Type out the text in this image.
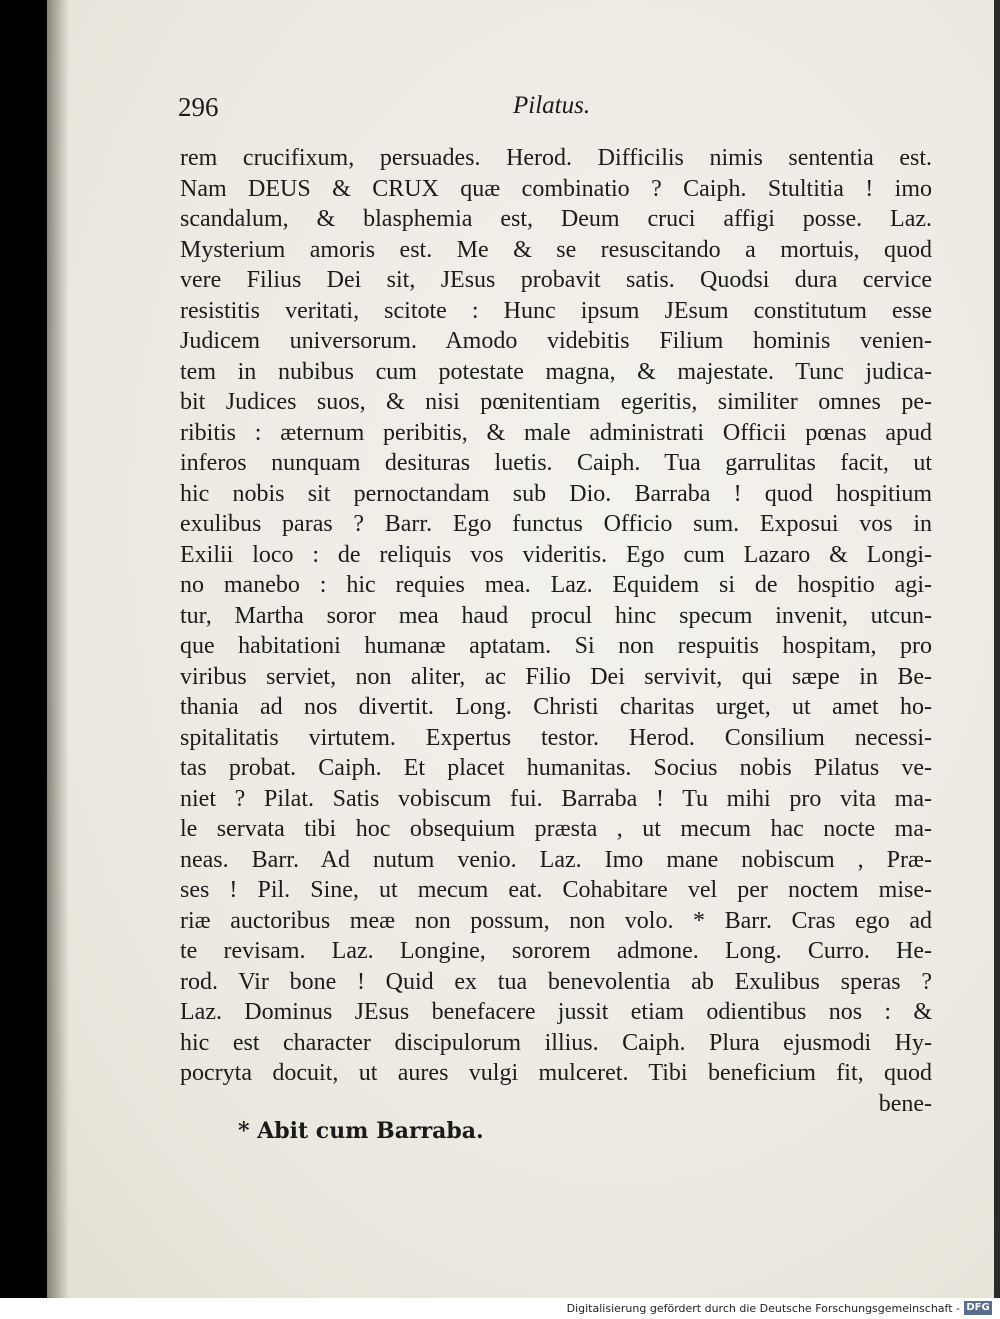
296	Pilatus.
rem crucifixum, persuades. Herod. Difficilis nimis sententia est.
Nam DEUS & CRUX quæ combinatio ? Caiph. Stultitia ! imo
scandalum, & blasphemia est, Deum cruci affigi posse. Laz.
Mysterium amoris est. Me & se resuscitando a mortuis, quod
vere Filius Dei sit, JEsus probavit satis. Quodsi dura cervice
resistitis veritati, scitote : Hunc ipsum JEsum constitutum esse
Judicem universorum. Amodo videbitis Filium hominis venien-
tem in nubibus cum potestate magna, & majestate. Tunc judica-
bit Judices suos, & nisi pœnitentiam egeritis, similiter omnes pe-
ribitis : æternum peribitis, & male administrati Officii pœnas apud
inferos nunquam desituras luetis. Caiph. Tua garrulitas facit, ut
hic nobis sit pernoctandam sub Dio. Barraba ! quod hospitium
exulibus paras ? Barr. Ego functus Officio sum. Exposui vos in
Exilii loco : de reliquis vos videritis. Ego cum Lazaro & Longi-
no manebo : hic requies mea. Laz. Equidem si de hospitio agi-
tur, Martha soror mea haud procul hinc specum invenit, utcun-
que habitationi humanæ aptatam. Si non respuitis hospitam, pro
viribus serviet, non aliter, ac Filio Dei servivit, qui sæpe in Be-
thania ad nos divertit. Long. Christi charitas urget, ut amet ho-
spitalitatis virtutem. Expertus testor. Herod. Consilium necessi-
tas probat. Caiph. Et placet humanitas. Socius nobis Pilatus ve-
niet ? Pilat. Satis vobiscum fui. Barraba ! Tu mihi pro vita ma-
le servata tibi hoc obsequium præsta , ut mecum hac nocte ma-
neas. Barr. Ad nutum venio. Laz. Imo mane nobiscum , Præ-
ses ! Pil. Sine, ut mecum eat. Cohabitare vel per noctem mise-
riæ auctoribus meæ non possum, non volo. * Barr. Cras ego ad
te revisam. Laz. Longine, sororem admone. Long. Curro. He-
rod. Vir bone ! Quid ex tua benevolentia ab Exulibus speras ?
Laz. Dominus JEsus benefacere jussit etiam odientibus nos : &
hic est character discipulorum illius. Caiph. Plura ejusmodi Hy-
pocryta docuit, ut aures vulgi mulceret. Tibi beneficium fit, quod
bene-
* Abit cum Barraba.
Digitalisierung gefördert durch die Deutsche Forschungsgemeinschaft - DFG
